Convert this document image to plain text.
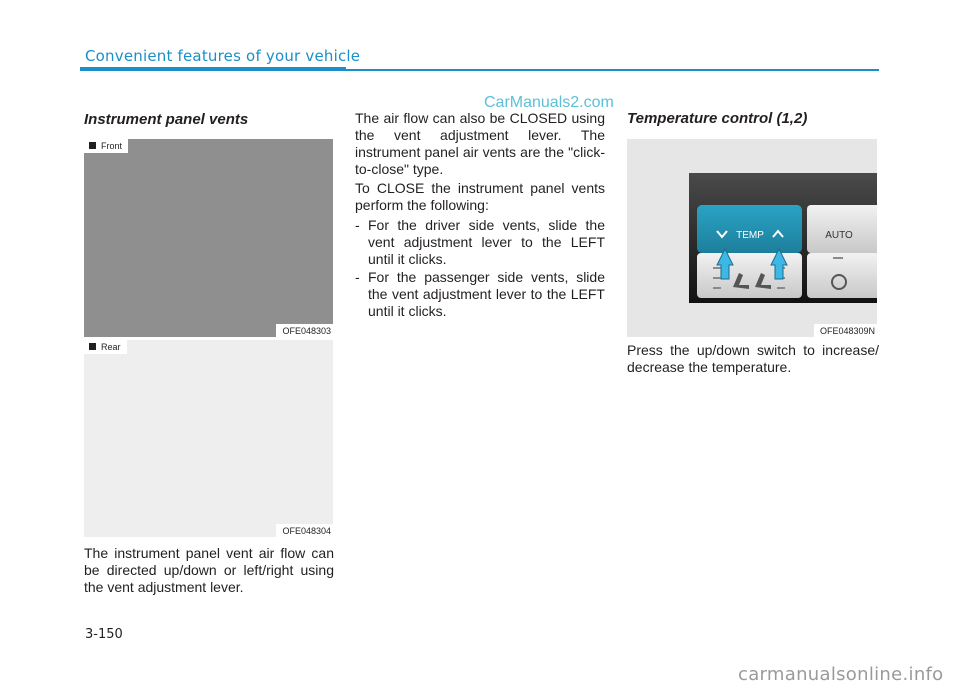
Convenient features of your vehicle
CarManuals2.com
Instrument panel vents
Front
OFE048303
Rear
OFE048304
The instrument panel vent air flow can be directed up/down or left/right using the vent adjustment lever.
The air flow can also be CLOSED using the vent adjustment lever. The instrument panel air vents are the "click-to-close" type.
To CLOSE the instrument panel vents perform the following:
- For the driver side vents, slide the vent adjustment lever to the LEFT until it clicks.
- For the passenger side vents, slide the vent adjustment lever to the LEFT until it clicks.
Temperature control (1,2)
TEMP	AUTO
OFE048309N
Press the up/down switch to increase/ decrease the temperature.
3-150
carmanualsonline.info
